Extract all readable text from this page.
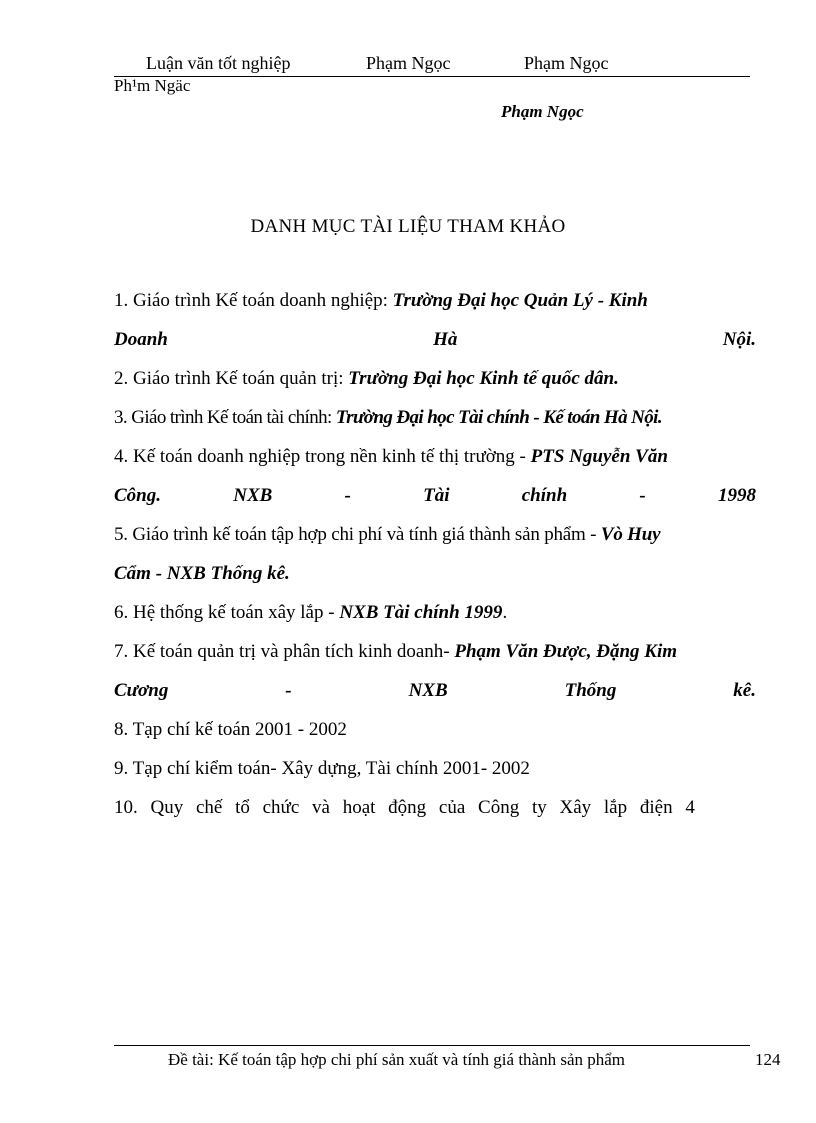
Luận văn tốt nghiệp	Phạm Ngọc	Phạm Ngọc
Ph¹m Ngäc
Phạm Ngọc
DANH MỤC TÀI LIỆU THAM KHẢO
1. Giáo trình Kế toán doanh nghiệp: Trường Đại học Quản Lý - Kinh
Doanh	Hà	Nội.
2. Giáo trình Kế toán quản trị: Trường Đại học Kinh tế quốc dân.
3. Giáo trình Kế toán tài chính: Trường Đại học Tài chính - Kế toán Hà Nội.
4. Kế toán doanh nghiệp trong nền kinh tế thị trường - PTS Nguyễn Văn
Công.	NXB	-	Tài	chính	-	1998
5. Giáo trình kế toán tập hợp chi phí và tính giá thành sản phẩm - Vò Huy
Cẩm - NXB Thống kê.
6. Hệ thống kế toán xây lắp - NXB Tài chính 1999.
7. Kế toán quản trị và phân tích kinh doanh- Phạm Văn Được, Đặng Kim
Cương	-	NXB	Thống	kê.
8. Tạp chí kế toán 2001 - 2002
9. Tạp chí kiểm toán- Xây dựng, Tài chính 2001- 2002
10. Quy chế tổ chức và hoạt động của Công ty Xây lắp điện 4
Đề tài: Kế toán tập hợp chi phí sản xuất và tính giá thành sản phẩm	124
